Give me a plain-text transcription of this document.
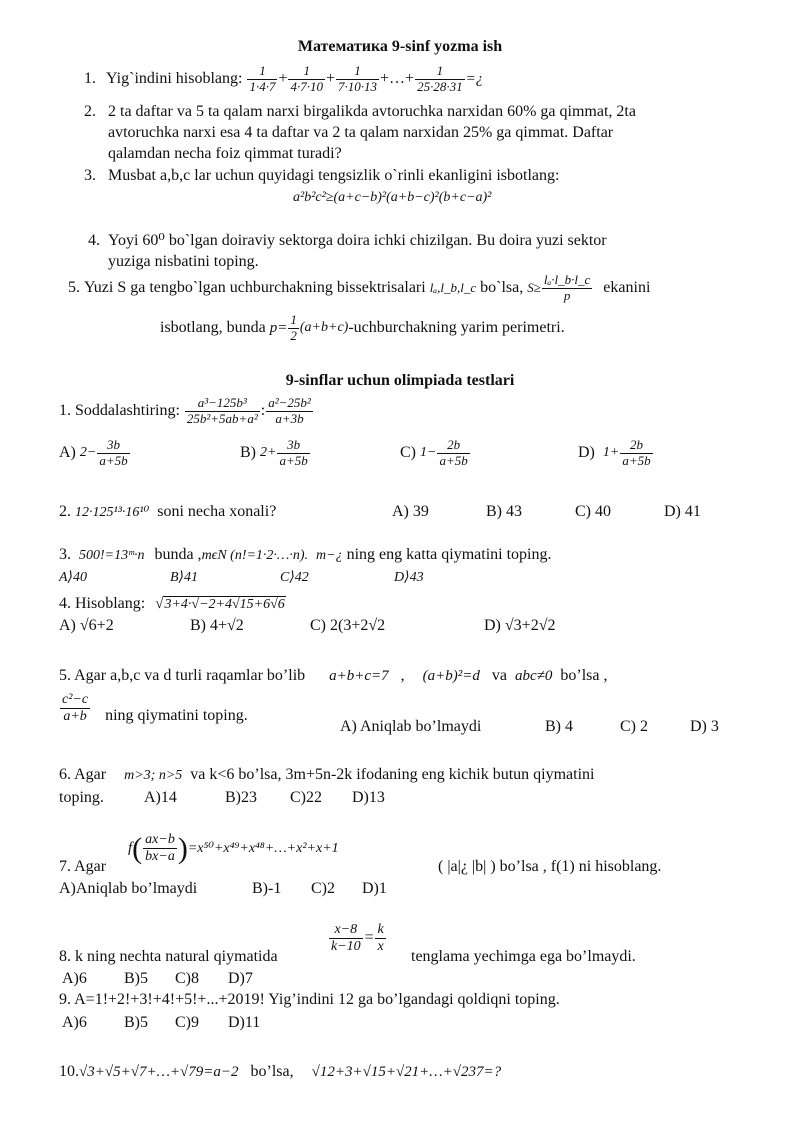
Математика 9-sinf yozma ish
1. Yig`indini hisoblang: $\frac{1}{1\cdot 4\cdot 7} + \frac{1}{4\cdot 7\cdot 10} + \frac{1}{7\cdot 10\cdot 13}$ +…+ $\frac{1}{25\cdot 28\cdot 31}$ =¿
2. 2 ta daftar va 5 ta qalam narxi birgalikda avtoruchka narxidan 60% ga qimmat, 2ta
avtoruchka narxi esa 4 ta daftar va 2 ta qalam narxidan 25% ga qimmat. Daftar
qalamdan necha foiz qimmat turadi?
3. Musbat a,b,c lar uchun quyidagi tengsizlik o`rinli ekanligini isbotlang:
a²b²c²≥(a+c−b)²(a+b−c)²(b+c−a)²
4. Yoyi 60⁰ bo`lgan doiraviy sektorga doira ichki chizilgan. Bu doira yuzi sektor
yuziga nisbatini toping.
5. Yuzi S ga tengbo`lgan uchburchakning bissektrisalari lₐ,l_b,l_c bo`lsa, $S\ge \frac{\text{lₐ·l\_b·l\_c}}{p}$ ekanini
isbotlang, bunda $p= \frac{1}{2}$ (a+b+c)-uchburchakning yarim perimetri.
9-sinflar uchun olimpiada testlari
1. Soddalashtiring: $\frac{\text{a³−125b³}}{\text{25b²+5ab+a²}}$ : $\frac{\text{a²−25b²}}{a+3b}$
A) $2- \frac{3b}{a+5b}$	B) $2+ \frac{3b}{a+5b}$	C) $1- \frac{2b}{a+5b}$	D) $1+ \frac{2b}{a+5b}$
2. 12·125¹³·16¹⁰ soni necha xonali?	A) 39	B) 43	C) 40	D) 41
3. 500!=13ᵐ·n bunda ,mϵN (n!=1·2·…·n). m−¿ ning eng katta qiymatini toping.
A⟩40	B⟩41	C⟩42	D⟩43
4. Hisoblang: √3+4·√−2+4√15+6√6
A) √6+2	B) 4+√2	C) 2(3+2√2	D) √3+2√2
5. Agar a,b,c va d turli raqamlar bo’lib a+b+c=7 , (a+b)²=d va abc≠0 bo’lsa ,
$\frac{\text{c²−c}}{a+b}$ ning qiymatini toping.
A) Aniqlab bo’lmaydi	B) 4	C) 2	D) 3
6. Agar m>3; n>5 va k<6 bo’lsa, 3m+5n-2k ifodaning eng kichik butun qiymatini
toping.	A)14	B)23 C)22 D)13
7. Agar
$f( \frac{ax-b}{bx-a}$ )=x⁵⁰+x⁴⁹+x⁴⁸+…+x²+x+1
( |a|¿ |b| ) bo’lsa , f(1) ni hisoblang.
A)Aniqlab bo’lmaydi	B)-1 C)2 D)1
8. k ning nechta natural qiymatida
$\frac{x-8}{k-10} = \frac{k}{x}$
tenglama yechimga ega bo’lmaydi.
A)6 B)5 C)8 D)7
9. A=1!+2!+3!+4!+5!+...+2019! Yig’indini 12 ga bo’lgandagi qoldiqni toping.
A)6 B)5 C)9 D)11
10.√3+√5+√7+…+√79=a−2 bo’lsa, √12+3+√15+√21+…+√237=?
